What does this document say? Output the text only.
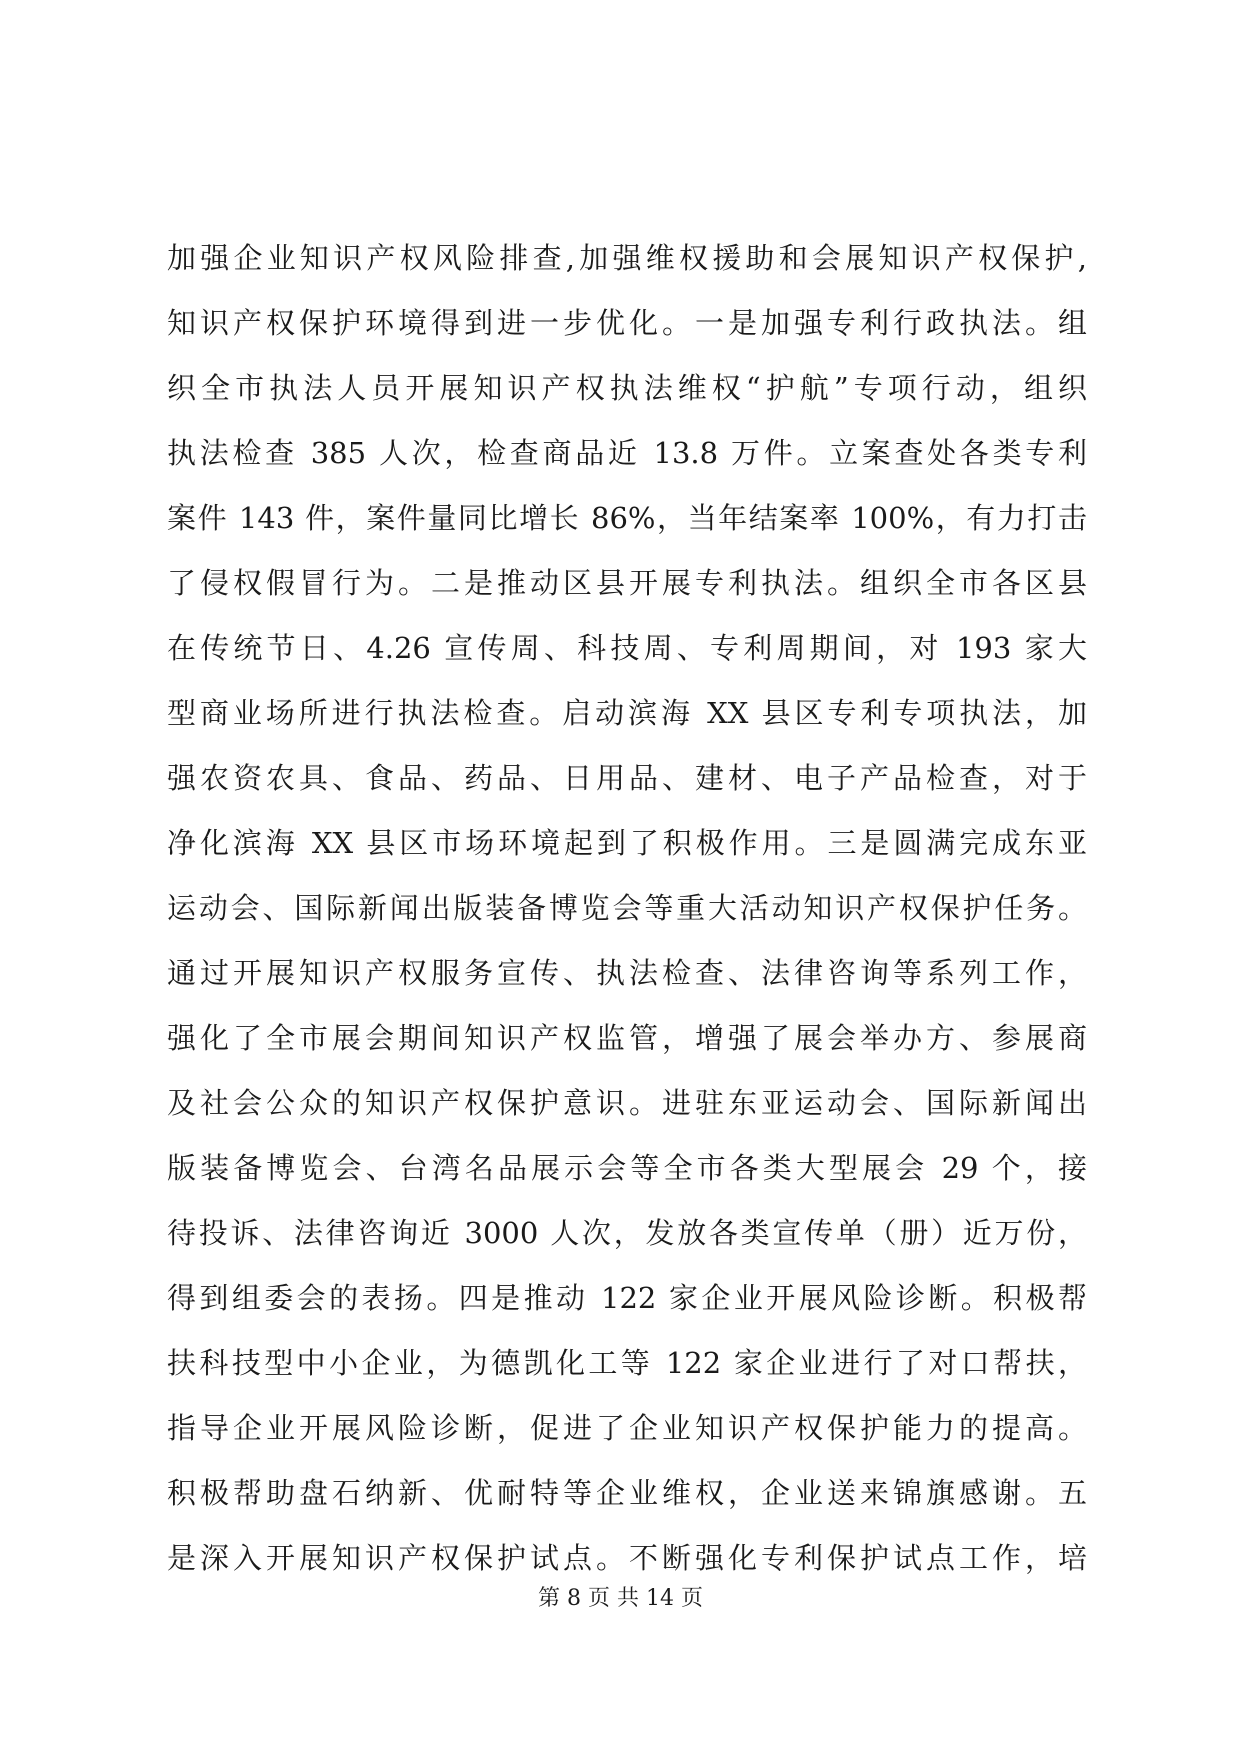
加强企业知识产权风险排查,加强维权援助和会展知识产权保护,
知识产权保护环境得到进一步优化。一是加强专利行政执法。组
织全市执法人员开展知识产权执法维权“护航”专项行动，组织
执法检查 385 人次，检查商品近 13.8 万件。立案查处各类专利
案件 143 件，案件量同比增长 86%，当年结案率 100%，有力打击
了侵权假冒行为。二是推动区县开展专利执法。组织全市各区县
在传统节日、4.26 宣传周、科技周、专利周期间，对 193 家大
型商业场所进行执法检查。启动滨海 XX 县区专利专项执法，加
强农资农具、食品、药品、日用品、建材、电子产品检查，对于
净化滨海 XX 县区市场环境起到了积极作用。三是圆满完成东亚
运动会、国际新闻出版装备博览会等重大活动知识产权保护任务。
通过开展知识产权服务宣传、执法检查、法律咨询等系列工作，
强化了全市展会期间知识产权监管，增强了展会举办方、参展商
及社会公众的知识产权保护意识。进驻东亚运动会、国际新闻出
版装备博览会、台湾名品展示会等全市各类大型展会 29 个，接
待投诉、法律咨询近 3000 人次，发放各类宣传单（册）近万份，
得到组委会的表扬。四是推动 122 家企业开展风险诊断。积极帮
扶科技型中小企业，为德凯化工等 122 家企业进行了对口帮扶，
指导企业开展风险诊断，促进了企业知识产权保护能力的提高。
积极帮助盘石纳新、优耐特等企业维权，企业送来锦旗感谢。五
是深入开展知识产权保护试点。不断强化专利保护试点工作，培
第 8 页 共 14 页
